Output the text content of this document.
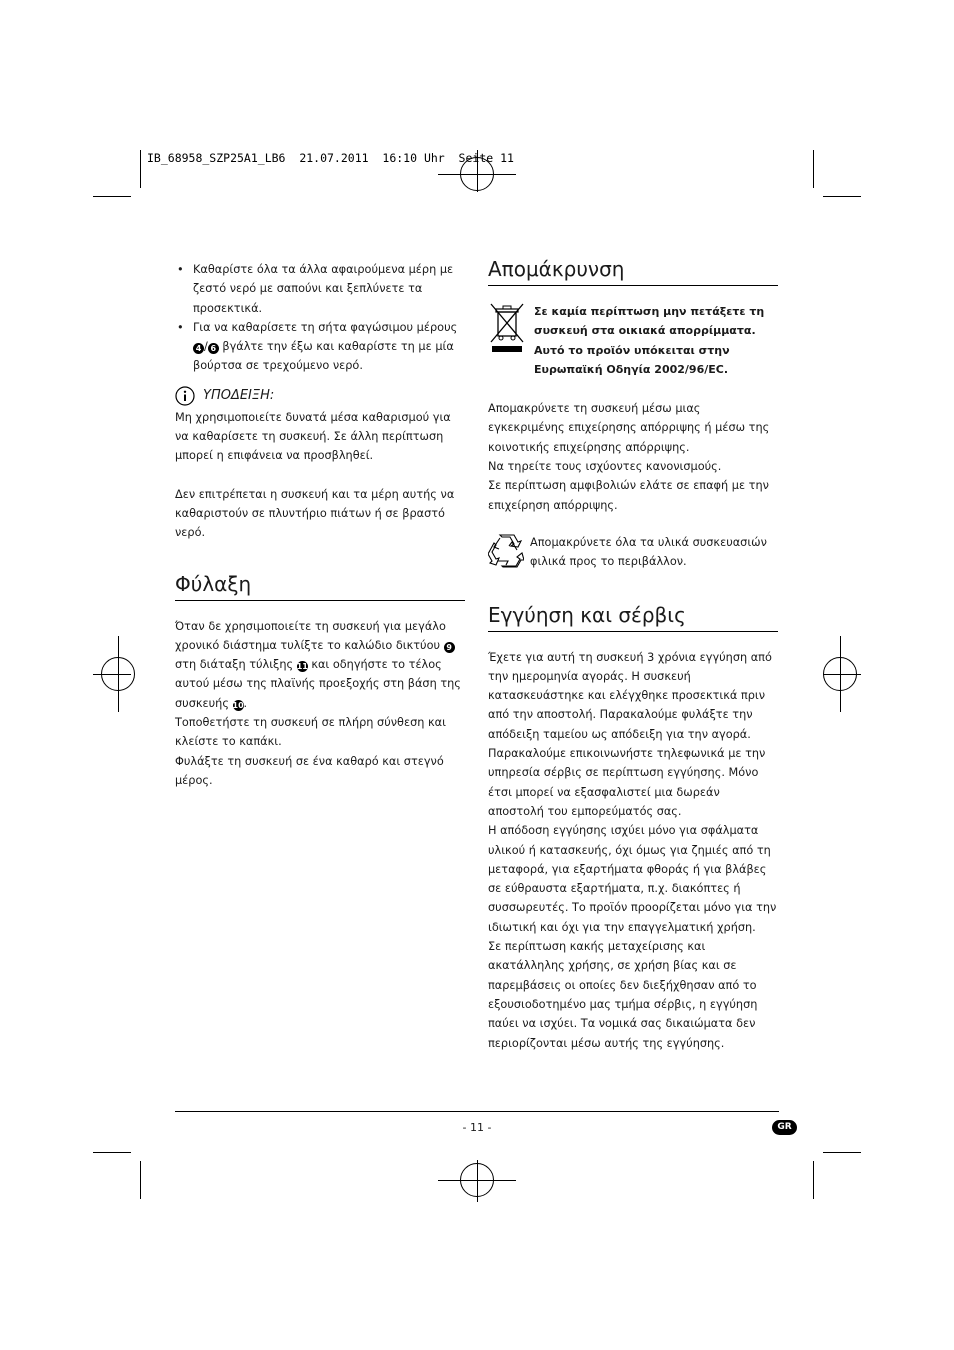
IB_68958_SZP25A1_LB6  21.07.2011  16:10 Uhr  Seite 11
• Καθαρίστε όλα τα άλλα αφαιρούμενα μέρη με ζεστό νερό με σαπούνι και ξεπλύνετε τα προσεκτικά.
• Για να καθαρίσετε τη σήτα φαγώσιμου μέρους 4 / 6 βγάλτε την έξω και καθαρίστε τη με μία βούρτσα σε τρεχούμενο νερό.
ΥΠΟΔΕΙΞΗ:

Μη χρησιμοποιείτε δυνατά μέσα καθαρισμού για να καθαρίσετε τη συσκευή. Σε άλλη περίπτωση μπορεί η επιφάνεια να προσβληθεί.

Δεν επιτρέπεται η συσκευή και τα μέρη αυτής να καθαριστούν σε πλυντήριο πιάτων ή σε βραστό νερό.

Φύλαξη

Όταν δε χρησιμοποιείτε τη συσκευή για μεγάλο χρονικό διάστημα τυλίξτε το καλώδιο δικτύου 9 στη διάταξη τύλιξης 11 και οδηγήστε το τέλος αυτού μέσω της πλαϊνής προεξοχής στη βάση της συσκευής 10.

Τοποθετήστε τη συσκευή σε πλήρη σύνθεση και κλείστε το καπάκι.

Φυλάξτε τη συσκευή σε ένα καθαρό και στεγνό μέρος.

Απομάκρυνση

Σε καμία περίπτωση μην πετάξετε τη συσκευή στα οικιακά απορρίμματα. Αυτό το προϊόν υπόκειται στην Ευρωπαϊκή Οδηγία 2002/96/EC.

Απομακρύνετε τη συσκευή μέσω μιας εγκεκριμένης επιχείρησης απόρριψης ή μέσω της κοινοτικής επιχείρησης απόρριψης.

Να τηρείτε τους ισχύοντες κανονισμούς.

Σε περίπτωση αμφιβολιών ελάτε σε επαφή με την επιχείρηση απόρριψης.

Απομακρύνετε όλα τα υλικά συσκευασιών φιλικά προς το περιβάλλον.

Εγγύηση και σέρβις

Έχετε για αυτή τη συσκευή 3 χρόνια εγγύηση από την ημερομηνία αγοράς. Η συσκευή κατασκευάστηκε και ελέγχθηκε προσεκτικά πριν από την αποστολή. Παρακαλούμε φυλάξτε την απόδειξη ταμείου ως απόδειξη για την αγορά. Παρακαλούμε επικοινωνήστε τηλεφωνικά με την υπηρεσία σέρβις σε περίπτωση εγγύησης. Μόνο έτσι μπορεί να εξασφαλιστεί μια δωρεάν αποστολή του εμπορεύματός σας.

Η απόδοση εγγύησης ισχύει μόνο για σφάλματα υλικού ή κατασκευής, όχι όμως για ζημιές από τη μεταφορά, για εξαρτήματα φθοράς ή για βλάβες σε εύθραυστα εξαρτήματα, π.χ. διακόπτες ή συσσωρευτές. Το προϊόν προορίζεται μόνο για την ιδιωτική και όχι για την επαγγελματική χρήση.

Σε περίπτωση κακής μεταχείρισης και ακατάλληλης χρήσης, σε χρήση βίας και σε παρεμβάσεις οι οποίες δεν διεξήχθησαν από το εξουσιοδοτημένο μας τμήμα σέρβις, η εγγύηση παύει να ισχύει. Τα νομικά σας δικαιώματα δεν περιορίζονται μέσω αυτής της εγγύησης.

- 11 -	GR
